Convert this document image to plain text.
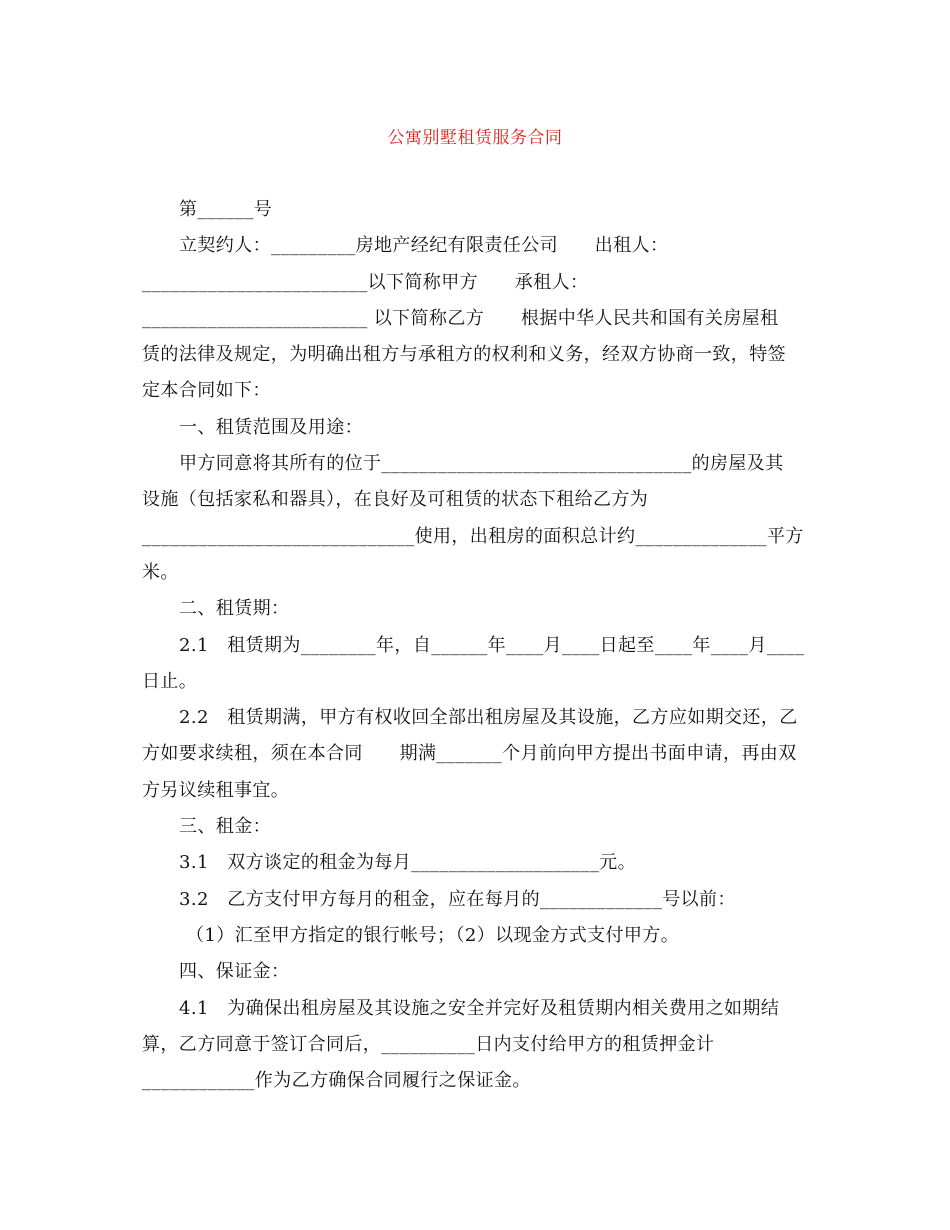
公寓别墅租赁服务合同
第______号
立契约人：_________房地产经纪有限责任公司　　出租人：
________________________以下简称甲方　　承租人：
________________________ 以下简称乙方　　根据中华人民共和国有关房屋租
赁的法律及规定，为明确出租方与承租方的权利和义务，经双方协商一致，特签
定本合同如下：
一、租赁范围及用途：
甲方同意将其所有的位于_________________________________的房屋及其
设施（包括家私和器具），在良好及可租赁的状态下租给乙方为
_____________________________使用，出租房的面积总计约______________平方
米。
二、租赁期：
2.1　租赁期为________年，自______年____月____日起至____年____月____
日止。
2.2　租赁期满，甲方有权收回全部出租房屋及其设施，乙方应如期交还，乙
方如要求续租，须在本合同　　期满_______个月前向甲方提出书面申请，再由双
方另议续租事宜。
三、租金：
3.1　双方谈定的租金为每月____________________元。
3.2　乙方支付甲方每月的租金，应在每月的_____________号以前：
（1）汇至甲方指定的银行帐号；（2）以现金方式支付甲方。
四、保证金：
4.1　为确保出租房屋及其设施之安全并完好及租赁期内相关费用之如期结
算，乙方同意于签订合同后，__________日内支付给甲方的租赁押金计
____________作为乙方确保合同履行之保证金。
